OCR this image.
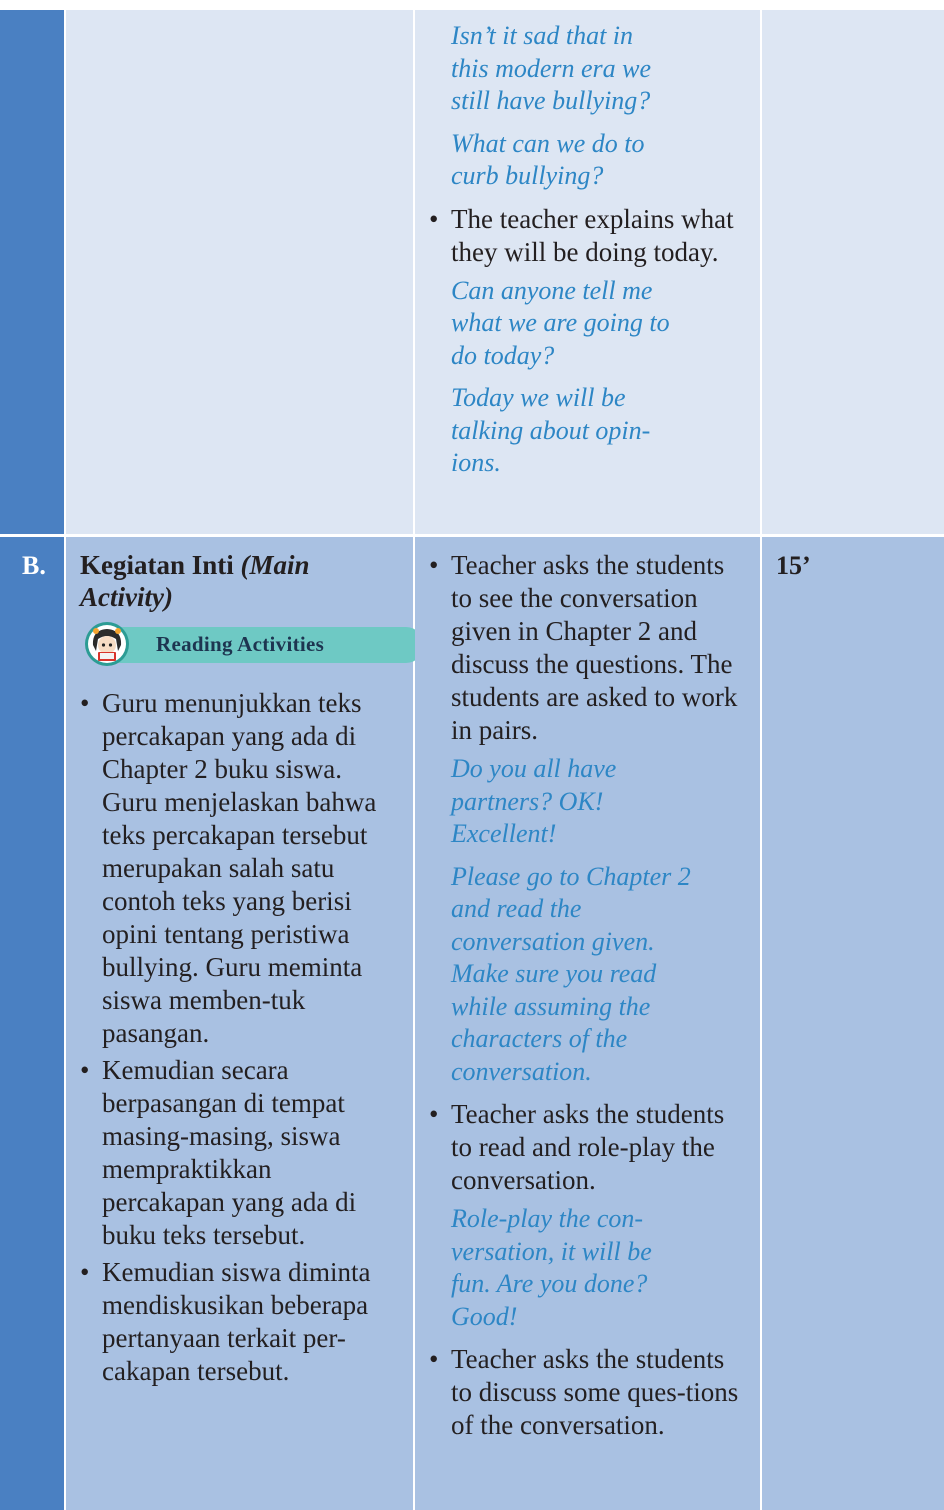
Isn’t it sad that in this modern era we still have bullying?

What can we do to curb bullying?

• The teacher explains what they will be doing today.

Can anyone tell me what we are going to do today?

Today we will be talking about opin-ions.

B.	Kegiatan Inti (Main Activity)
Reading Activities
• Guru menunjukkan teks percakapan yang ada di Chapter 2 buku siswa. Guru menjelaskan bahwa teks percakapan tersebut merupakan salah satu contoh teks yang berisi opini tentang peristiwa bullying. Guru meminta siswa memben-tuk pasangan.
• Kemudian secara berpasangan di tempat masing-masing, siswa mempraktikkan percakapan yang ada di buku teks tersebut.
• Kemudian siswa diminta mendiskusikan beberapa pertanyaan terkait per-cakapan tersebut.
• Teacher asks the students to see the conversation given in Chapter 2 and discuss the questions. The students are asked to work in pairs.

Do you all have partners? OK! Excellent!

Please go to Chapter 2 and read the conversation given. Make sure you read while assuming the characters of the conversation.

• Teacher asks the students to read and role-play the conversation.

Role-play the con-versation, it will be fun. Are you done? Good!

• Teacher asks the students to discuss some ques-tions of the conversation.
15’
